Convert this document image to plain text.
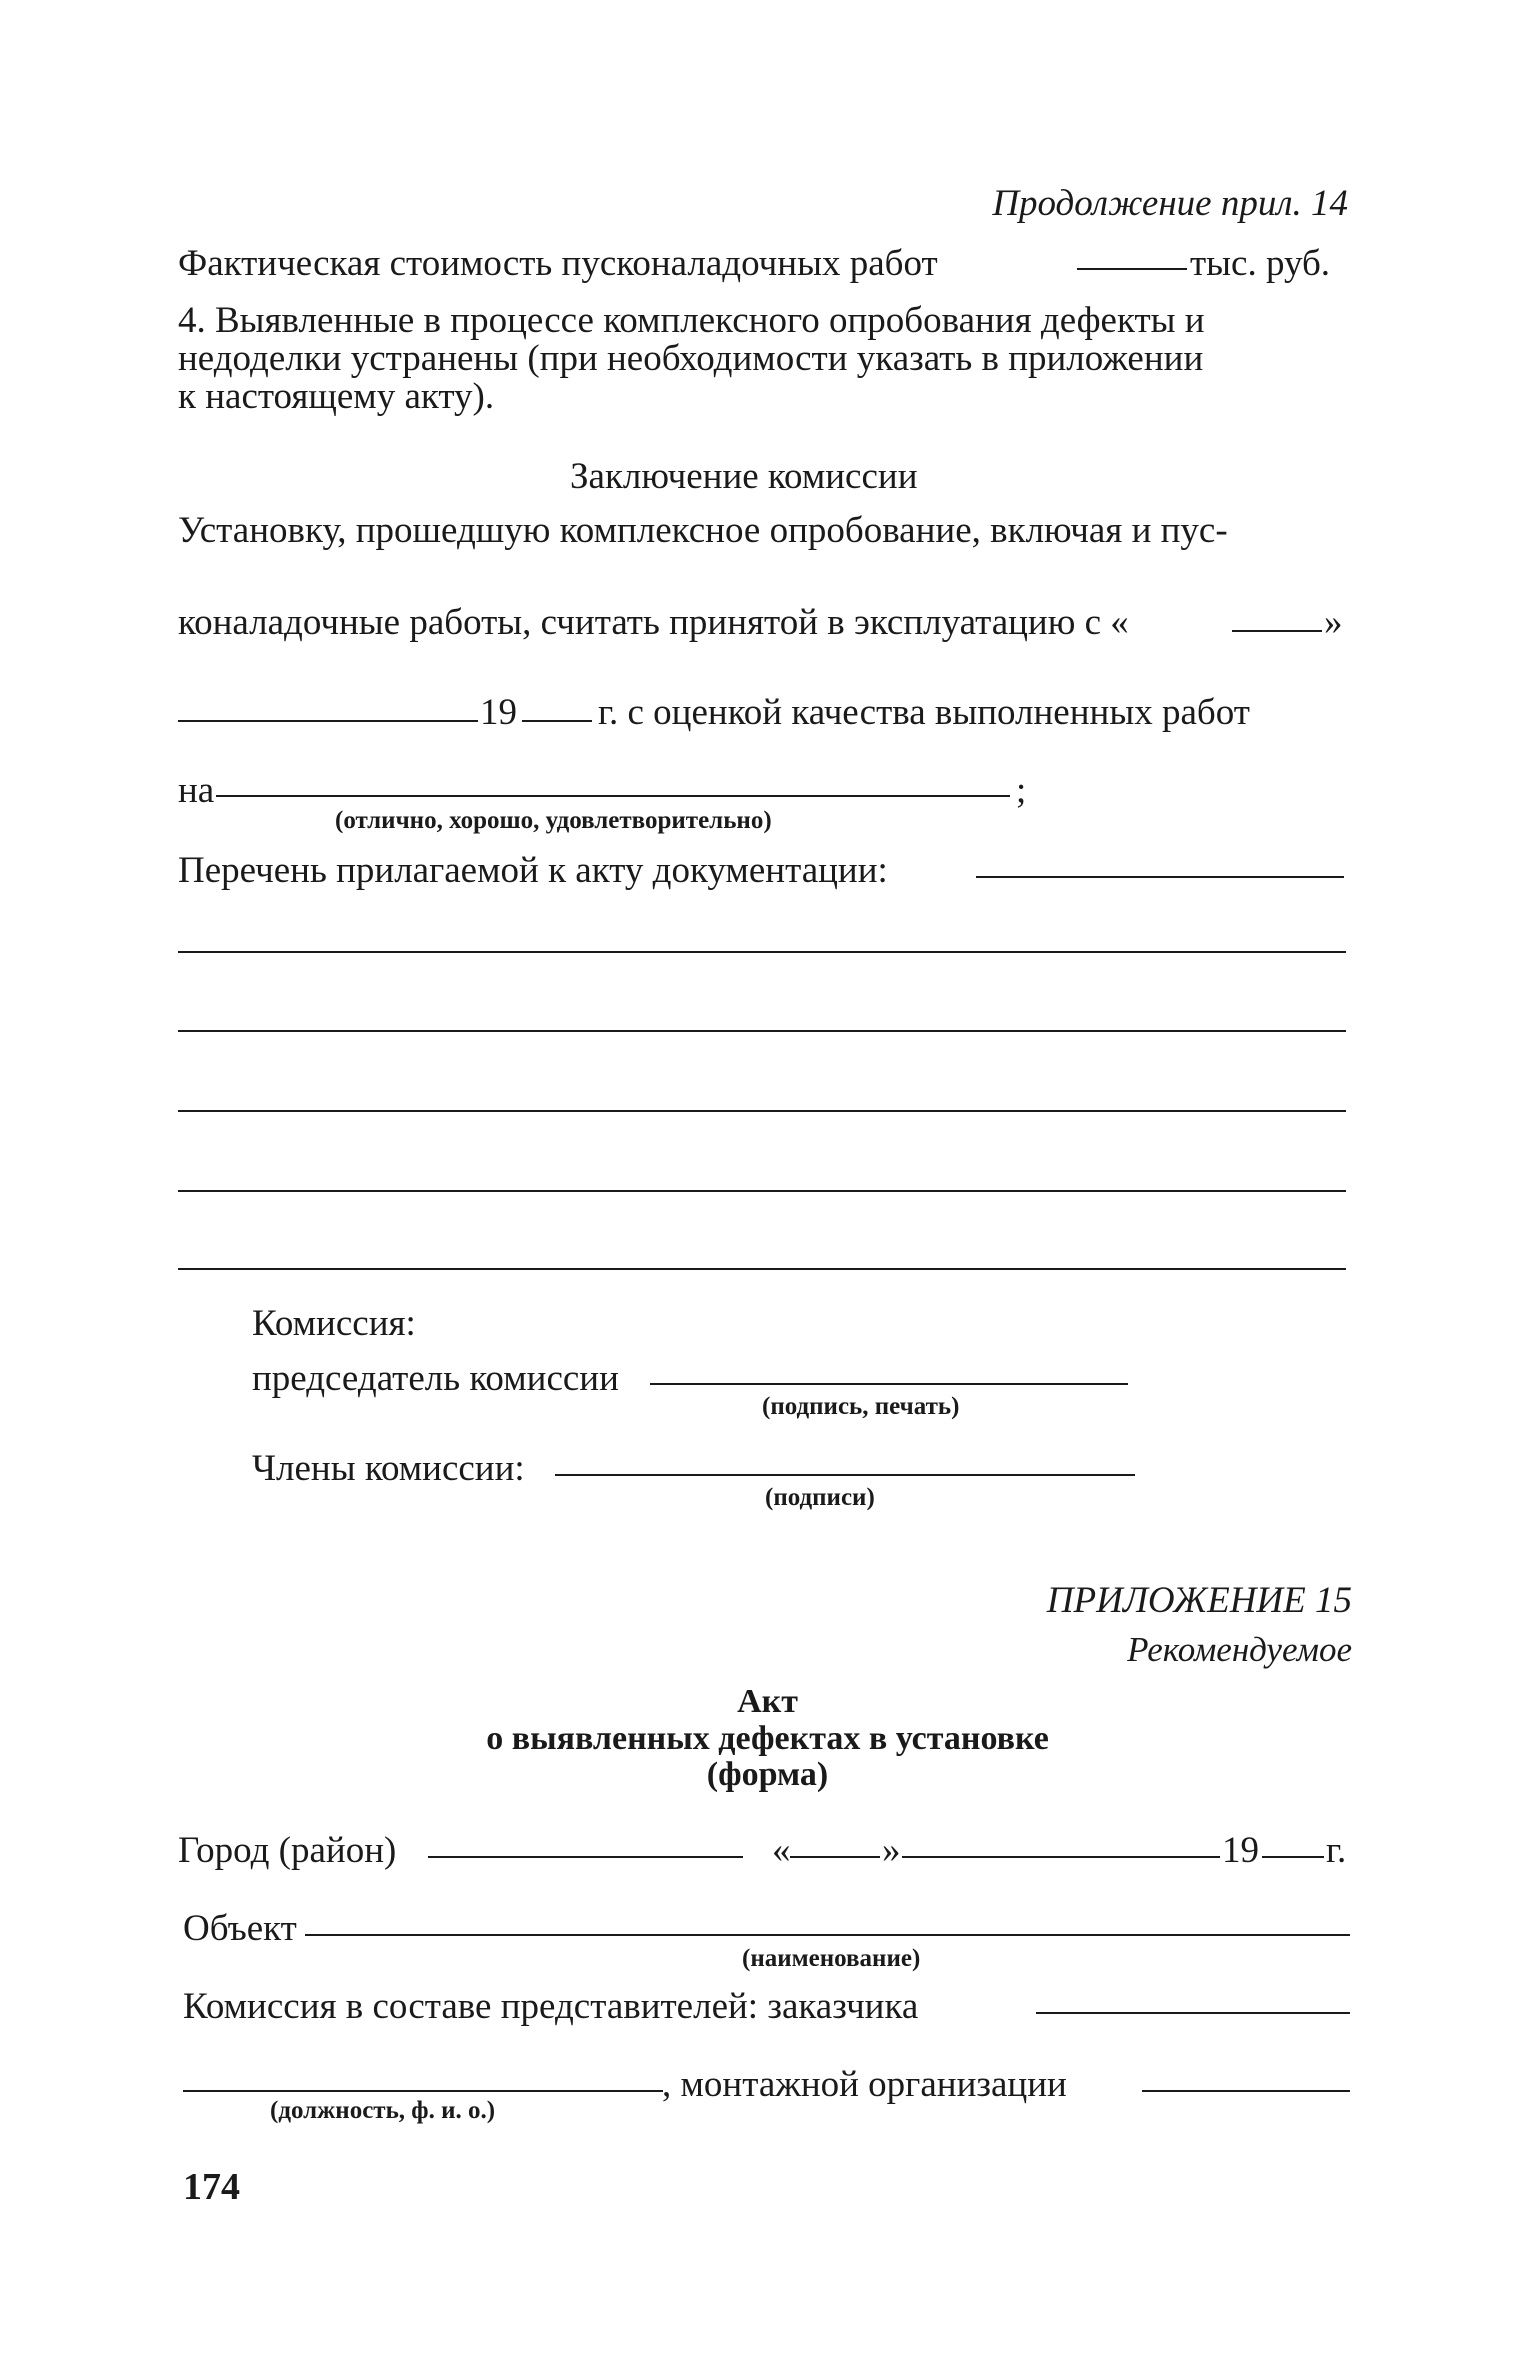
Продолжение прил. 14
Фактическая стоимость пусконаладочных работ	тыс. руб.
4. Выявленные в процессе комплексного опробования дефекты и
недоделки устранены (при необходимости указать в приложении
к настоящему акту).
Заключение комиссии
Установку, прошедшую комплексное опробование, включая и пус-
коналадочные работы, считать принятой в эксплуатацию с «	»
19 г. с оценкой качества выполненных работ
на	;
(отлично, хорошо, удовлетворительно)
Перечень прилагаемой к акту документации:
Комиссия:
председатель комиссии
(подпись, печать)
Члены комиссии:
(подписи)
ПРИЛОЖЕНИЕ 15
Рекомендуемое
Акт
о выявленных дефектах в установке
(форма)
Город (район)	« »	19 г.
Объект
(наименование)
Комиссия в составе представителей: заказчика
, монтажной организации
(должность, ф. и. о.)
174
